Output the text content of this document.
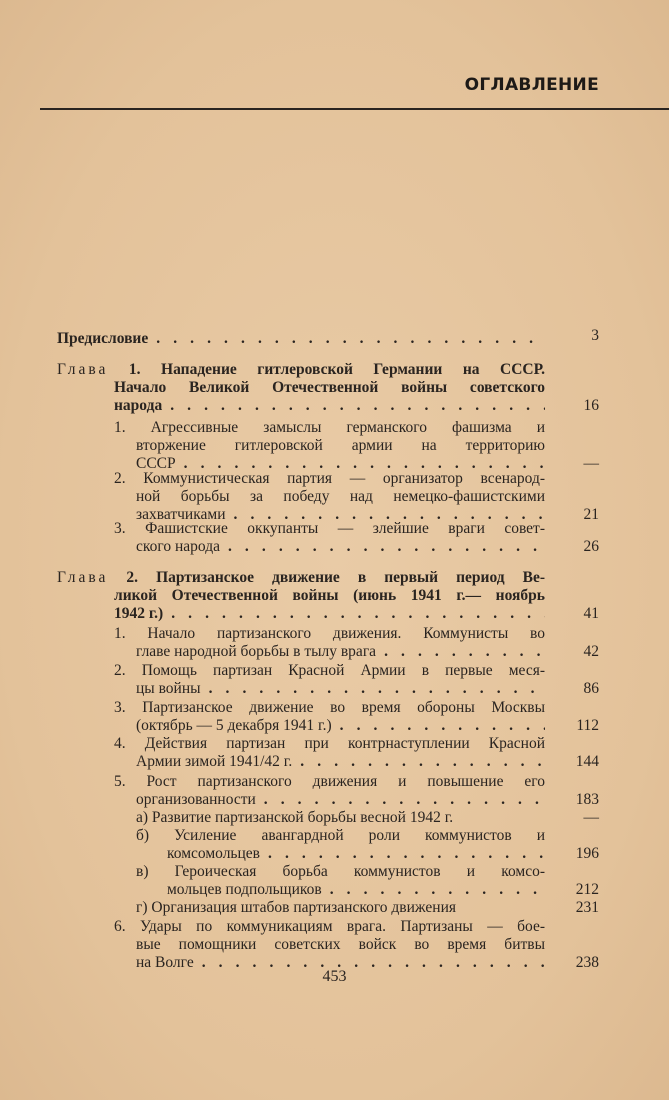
ОГЛАВЛЕНИЕ
Предисловие . . .	3
Глава 1. Нападение гитлеровской Германии на СССР.
Начало Великой Отечественной войны советского
народа . . .	16
1. Агрессивные замыслы германского фашизма и
вторжение гитлеровской армии на территорию
СССР . . .	—
2. Коммунистическая партия — организатор всенарод-
ной борьбы за победу над немецко-фашистскими
захватчиками . . .	21
3. Фашистские оккупанты — злейшие враги совет-
ского народа . . .	26
Глава 2. Партизанское движение в первый период Ве-
ликой Отечественной войны (июнь 1941 г.— ноябрь
1942 г.) . . .	41
1. Начало партизанского движения. Коммунисты во
главе народной борьбы в тылу врага . . .	42
2. Помощь партизан Красной Армии в первые меся-
цы войны . . .	86
3. Партизанское движение во время обороны Москвы
(октябрь — 5 декабря 1941 г.) . . .	112
4. Действия партизан при контрнаступлении Красной
Армии зимой 1941/42 г. . . .	144
5. Рост партизанского движения и повышение его
организованности . . .	183
а) Развитие партизанской борьбы весной 1942 г.	—
б) Усиление авангардной роли коммунистов и
комсомольцев . . .	196
в) Героическая борьба коммунистов и комсо-
мольцев подпольщиков . . .	212
г) Организация штабов партизанского движения	231
6. Удары по коммуникациям врага. Партизаны — бое-
вые помощники советских войск во время битвы
на Волге . . .	238
453
